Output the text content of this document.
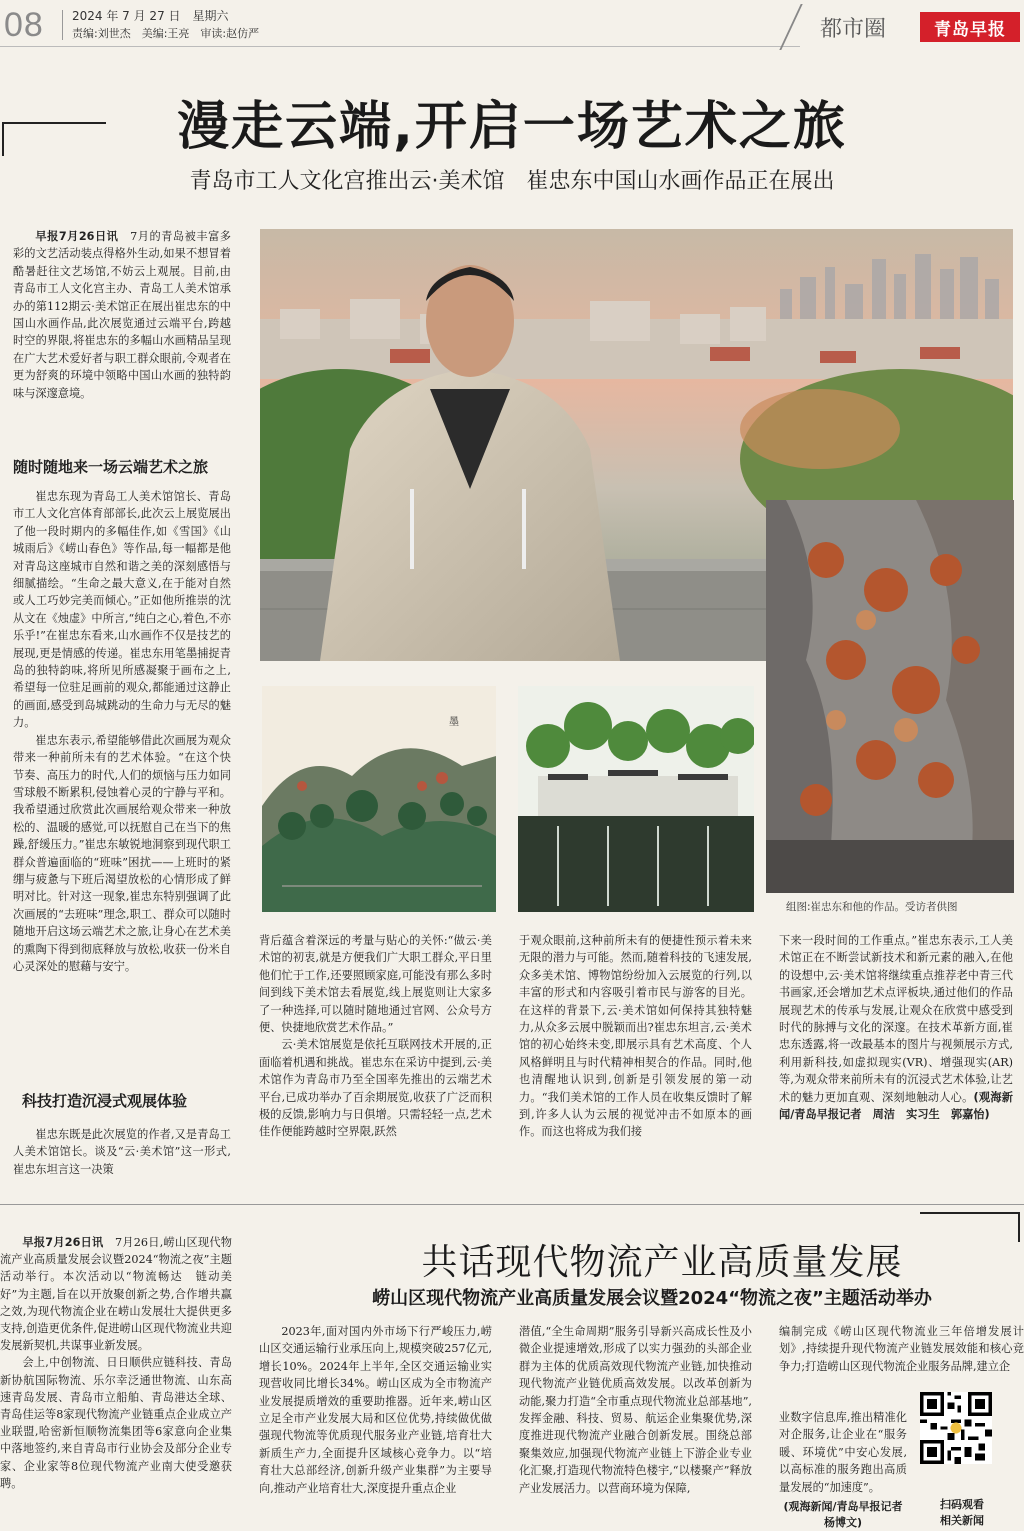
08 2024 年 7 月 27 日　星期六
责编:刘世杰　美编:王亮　审读:赵仿严	都市圈	青岛早报
漫走云端,开启一场艺术之旅
青岛市工人文化宫推出云·美术馆　崔忠东中国山水画作品正在展出

早报7月26日讯　 7月的青岛被丰富多彩的文艺活动装点得格外生动,如果不想冒着酷暑赶往文艺场馆,不妨云上观展。目前,由青岛市工人文化宫主办、青岛工人美术馆承办的第112期云·美术馆正在展出崔忠东的中国山水画作品,此次展览通过云端平台,跨越时空的界限,将崔忠东的多幅山水画精品呈现在广大艺术爱好者与职工群众眼前,令观者在更为舒爽的环境中领略中国山水画的独特韵味与深邃意境。

随时随地来一场云端艺术之旅

崔忠东现为青岛工人美术馆馆长、青岛市工人文化宫体育部部长,此次云上展览展出了他一段时期内的多幅佳作,如《雪国》《山城雨后》《崂山春色》等作品,每一幅都是他对青岛这座城市自然和谐之美的深刻感悟与细腻描绘。“生命之最大意义,在于能对自然或人工巧妙完美而倾心。”正如他所推崇的沈从文在《烛虚》中所言,“纯白之心,着色,不亦乐乎!”在崔忠东看来,山水画作不仅是技艺的展现,更是情感的传递。崔忠东用笔墨捕捉青岛的独特韵味,将所见所感凝聚于画布之上,希望每一位驻足画前的观众,都能通过这静止的画面,感受到岛城跳动的生命力与无尽的魅力。

崔忠东表示,希望能够借此次画展为观众带来一种前所未有的艺术体验。“在这个快节奏、高压力的时代,人们的烦恼与压力如同雪球般不断累积,侵蚀着心灵的宁静与平和。我希望通过欣赏此次画展给观众带来一种放松的、温暖的感觉,可以抚慰自己在当下的焦躁,舒缓压力。”崔忠东敏锐地洞察到现代职工群众普遍面临的“班味”困扰——上班时的紧绷与疲惫与下班后渴望放松的心情形成了鲜明对比。针对这一现象,崔忠东特别强调了此次画展的“去班味”理念,职工、群众可以随时随地开启这场云端艺术之旅,让身心在艺术美的熏陶下得到彻底释放与放松,收获一份米自心灵深处的慰藉与安宁。

科技打造沉浸式观展体验

崔忠东既是此次展览的作者,又是青岛工人美术馆馆长。谈及“云·美术馆”这一形式,崔忠东坦言这一决策

墨
组图:崔忠东和他的作品。受访者供图

背后蕴含着深远的考量与贴心的关怀:“做云·美术馆的初衷,就是方便我们广大职工群众,平日里他们忙于工作,还要照顾家庭,可能没有那么多时间到线下美术馆去看展览,线上展览则让大家多了一种选择,可以随时随地通过官网、公众号方便、快捷地欣赏艺术作品。”

云·美术馆展览是依托互联网技术开展的,正面临着机遇和挑战。崔忠东在采访中提到,云·美术馆作为青岛市乃至全国率先推出的云端艺术平台,已成功举办了百余期展览,收获了广泛而积极的反馈,影响力与日俱增。只需轻轻一点,艺术佳作便能跨越时空界限,跃然

于观众眼前,这种前所未有的便捷性预示着未来无限的潜力与可能。然而,随着科技的飞速发展,众多美术馆、博物馆纷纷加入云展览的行列,以丰富的形式和内容吸引着市民与游客的目光。在这样的背景下,云·美术馆如何保持其独特魅力,从众多云展中脱颖而出?崔忠东坦言,云·美术馆的初心始终未变,即展示具有艺术高度、个人风格鲜明且与时代精神相契合的作品。同时,他也清醒地认识到,创新是引领发展的第一动力。“我们美术馆的工作人员在收集反馈时了解到,许多人认为云展的视觉冲击不如原本的画作。而这也将成为我们接

下来一段时间的工作重点。”崔忠东表示,工人美术馆正在不断尝试新技术和新元素的融入,在他的设想中,云·美术馆将继续重点推荐老中青三代书画家,还会增加艺术点评板块,通过他们的作品展现艺术的传承与发展,让观众在欣赏中感受到时代的脉搏与文化的深邃。在技术革新方面,崔忠东透露,将一改最基本的图片与视频展示方式,利用新科技,如虚拟现实(VR)、增强现实(AR)等,为观众带来前所未有的沉浸式艺术体验,让艺术的魅力更加直观、深刻地触动人心。(观海新闻/青岛早报记者　周洁　实习生　郭嘉怡)

共话现代物流产业高质量发展
崂山区现代物流产业高质量发展会议暨2024“物流之夜”主题活动举办

早报7月26日讯　 7月26日,崂山区现代物流产业高质量发展会议暨2024“物流之夜”主题活动举行。本次活动以“物流畅达　链动美好”为主题,旨在以开放聚创新之势,合作增共赢之效,为现代物流企业在崂山发展壮大提供更多支持,创造更优条件,促进崂山区现代物流业共迎发展新契机,共谋事业新发展。

会上,中创物流、日日顺供应链科技、青岛新协航国际物流、乐尔幸泛通世物流、山东高速青岛发展、青岛市立船舶、青岛港达全球、青岛佳运等8家现代物流产业链重点企业成立产业联盟,哈密新恒顺物流集团等6家意向企业集中落地签约,来自青岛市行业协会及部分企业专家、企业家等8位现代物流产业南大使受邀获聘。

2023年,面对国内外市场下行严峻压力,崂山区交通运输行业承压向上,规模突破257亿元,增长10%。2024年上半年,全区交通运输业实现营收同比增长34%。崂山区成为全市物流产业发展提质增效的重要助推器。近年来,崂山区立足全市产业发展大局和区位优势,持续做优做强现代物流等优质现代服务业产业链,培育壮大新质生产力,全面提升区域核心竞争力。以“培育壮大总部经济,创新升级产业集群”为主要导向,推动产业培育壮大,深度提升重点企业

潜值,“全生命周期”服务引导新兴高成长性及小微企业提速增效,形成了以实力强劲的头部企业群为主体的优质高效现代物流产业链,加快推动现代物流产业链优质高效发展。以改革创新为动能,聚力打造“全市重点现代物流业总部基地”,发挥金融、科技、贸易、航运企业集聚优势,深度推进现代物流产业融合创新发展。围绕总部聚集效应,加强现代物流产业链上下游企业专业化汇聚,打造现代物流特色楼宇,“以楼聚产”释放产业发展活力。以营商环境为保障,

编制完成《崂山区现代物流业三年倍增发展计划》,持续提升现代物流产业链发展效能和核心竞争力;打造崂山区现代物流企业服务品牌,建立企

业数字信息库,推出精准化对企服务,让企业在“服务暖、环境优”中安心发展,以高标准的服务跑出高质量发展的“加速度”。

(观海新闻/青岛早报记者　杨博文)
扫码观看
相关新闻
